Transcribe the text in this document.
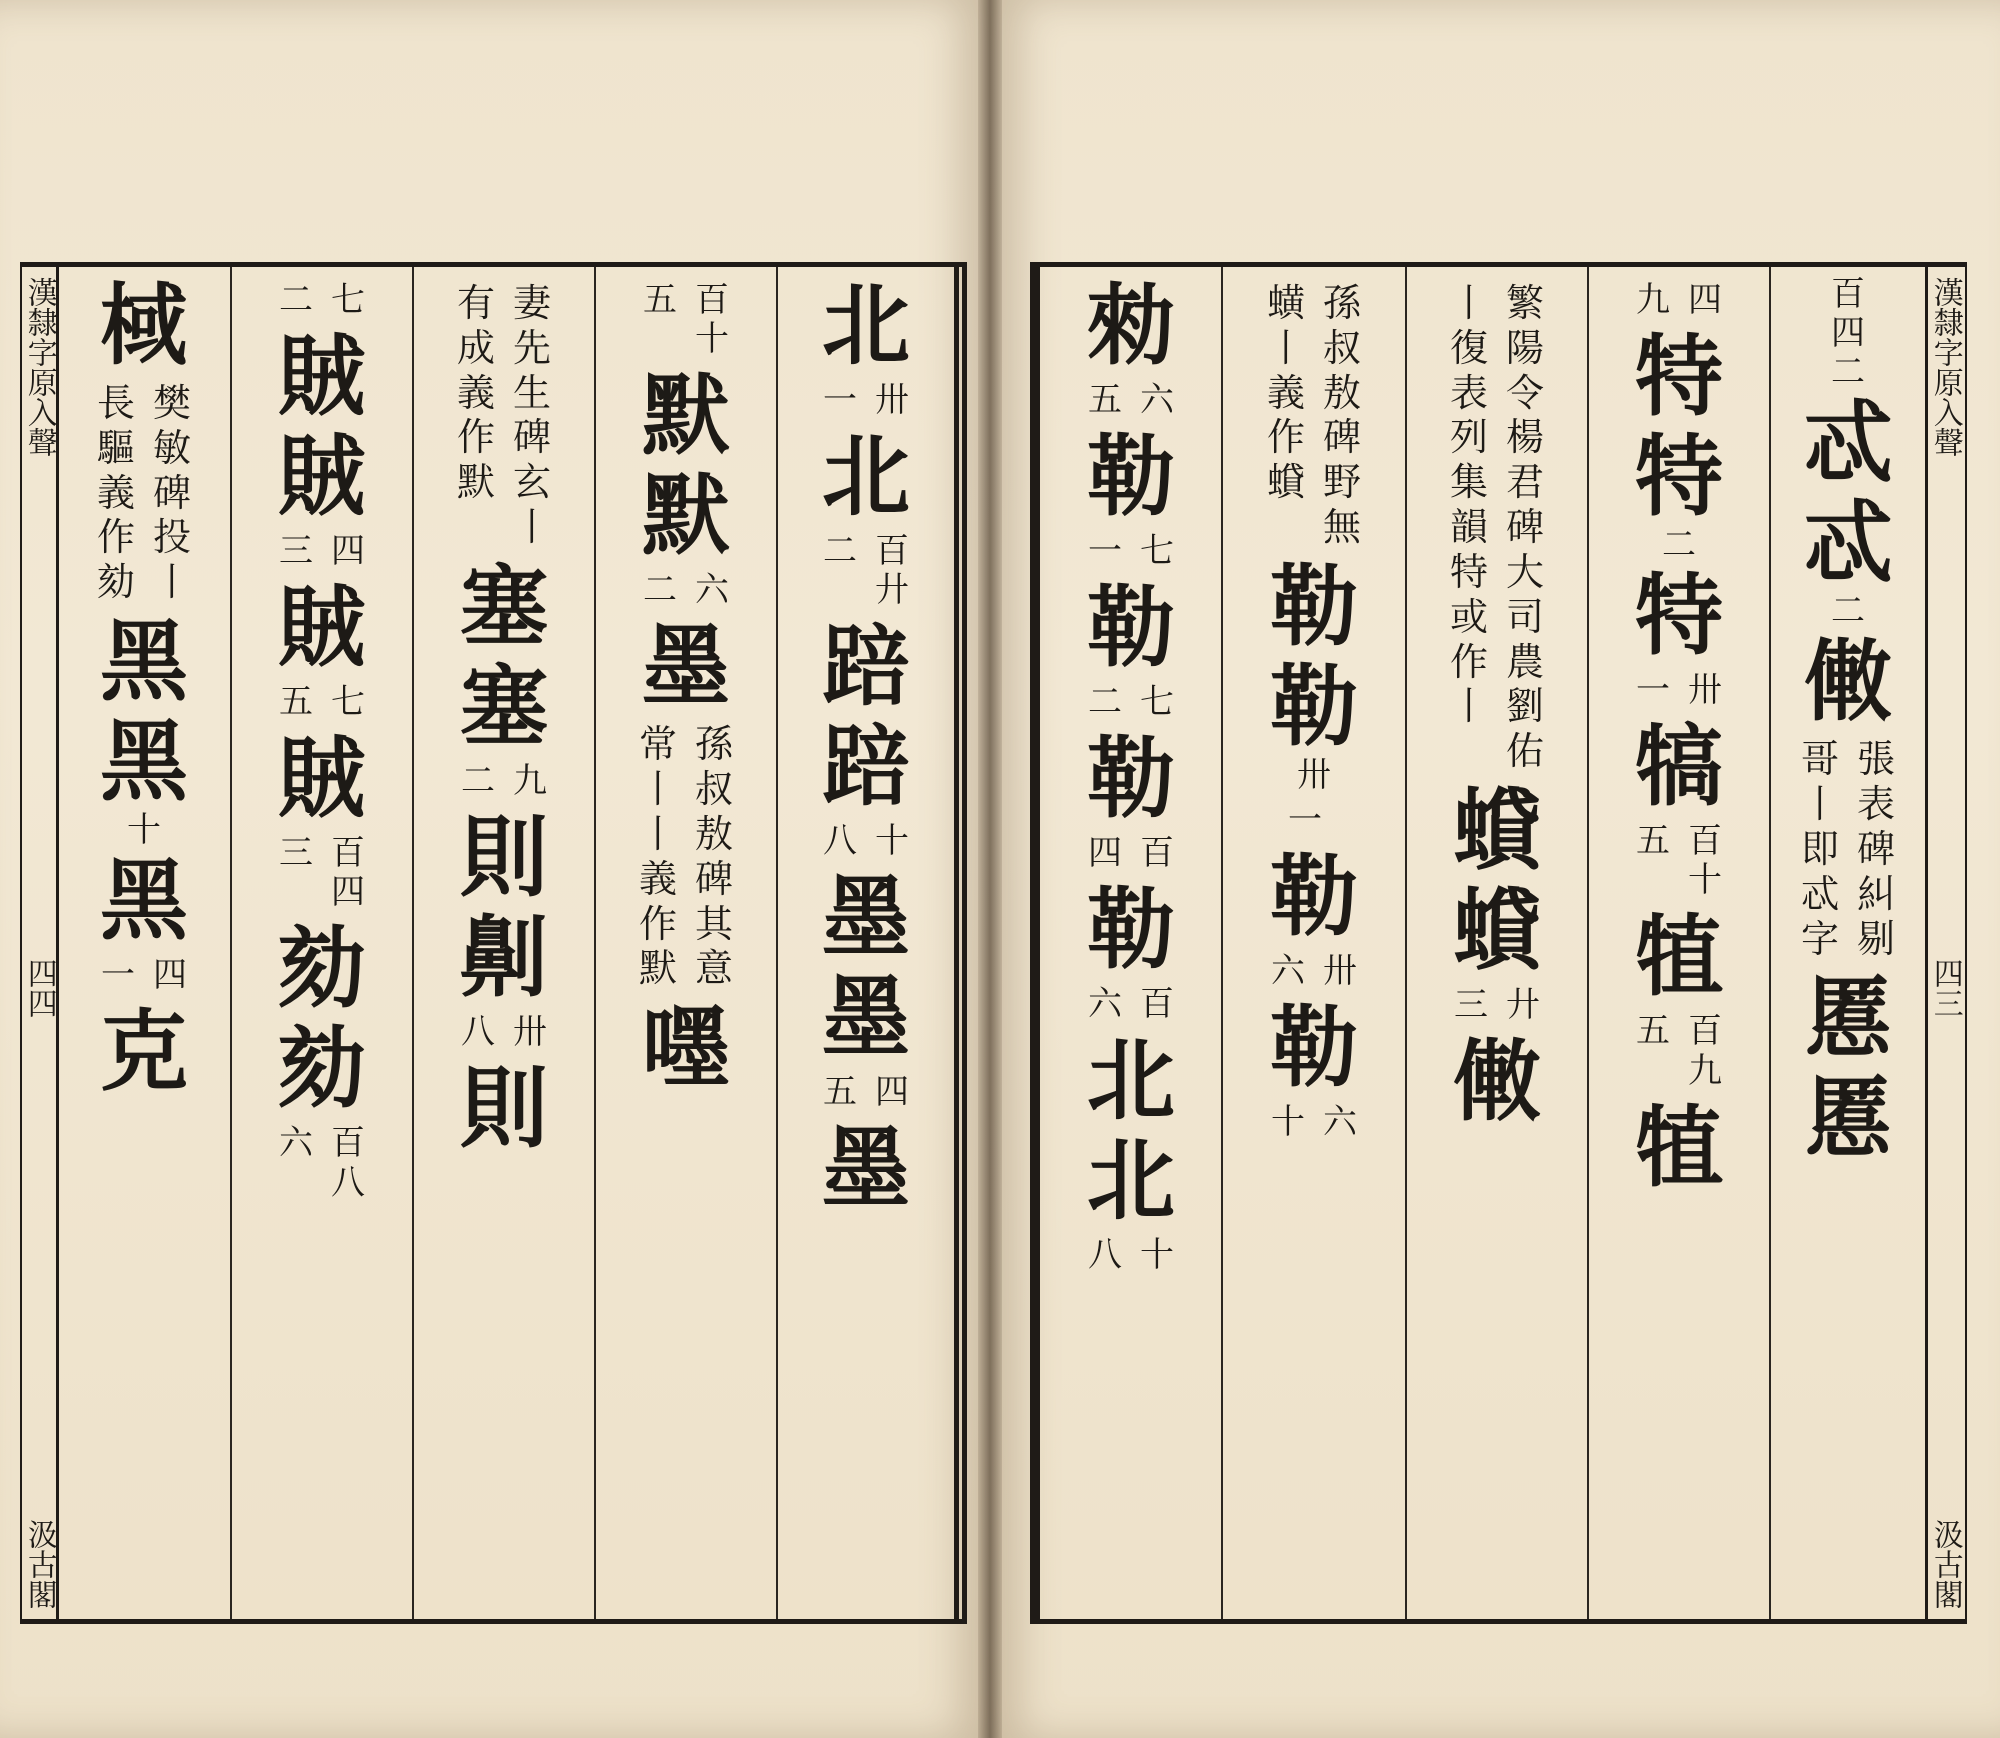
漢隸字原入聲
四四
汲古閣
棫
樊
敏
碑
投
丨
長
驅
義
作
劾
黑
黑
十
黑
四
一
克
七
二
賊
賊
四
三
賊
七
五
賊
百
四
三
劾
劾
百
八
六
妻
先
生
碑
玄
丨
有
成
義
作
默
塞
塞
九
二
則
劓
卅
八
則
百
十
五
默
默
六
二
墨
孫
叔
敖
碑
其
意
常
丨
丨
義
作
默
嚜
北
卅
一
北
百
廾
二
踣
踣
十
八
墨
墨
四
五
墨
漢隸字原入聲
四三
汲古閣
勑
六
五
勒
七
一
勒
七
二
勒
百
四
勒
百
六
北
北
十
八
孫
叔
敖
碑
野
無
蟥
丨
義
作
蟘
勒
勒
卅
一
勒
卅
六
勒
六
十
繁
陽
令
楊
君
碑
大
司
農
劉
佑
丨
復
表
列
集
韻
特
或
作
丨
蟘
蟘
廾
三
僌
四
九
特
特
二
特
卅
一
犒
百
十
五
犆
百
九
五
犆
百
四
二
忒
忒
二
僌
張
表
碑
糾
剔
哥
丨
即
忒
字
慝
慝
